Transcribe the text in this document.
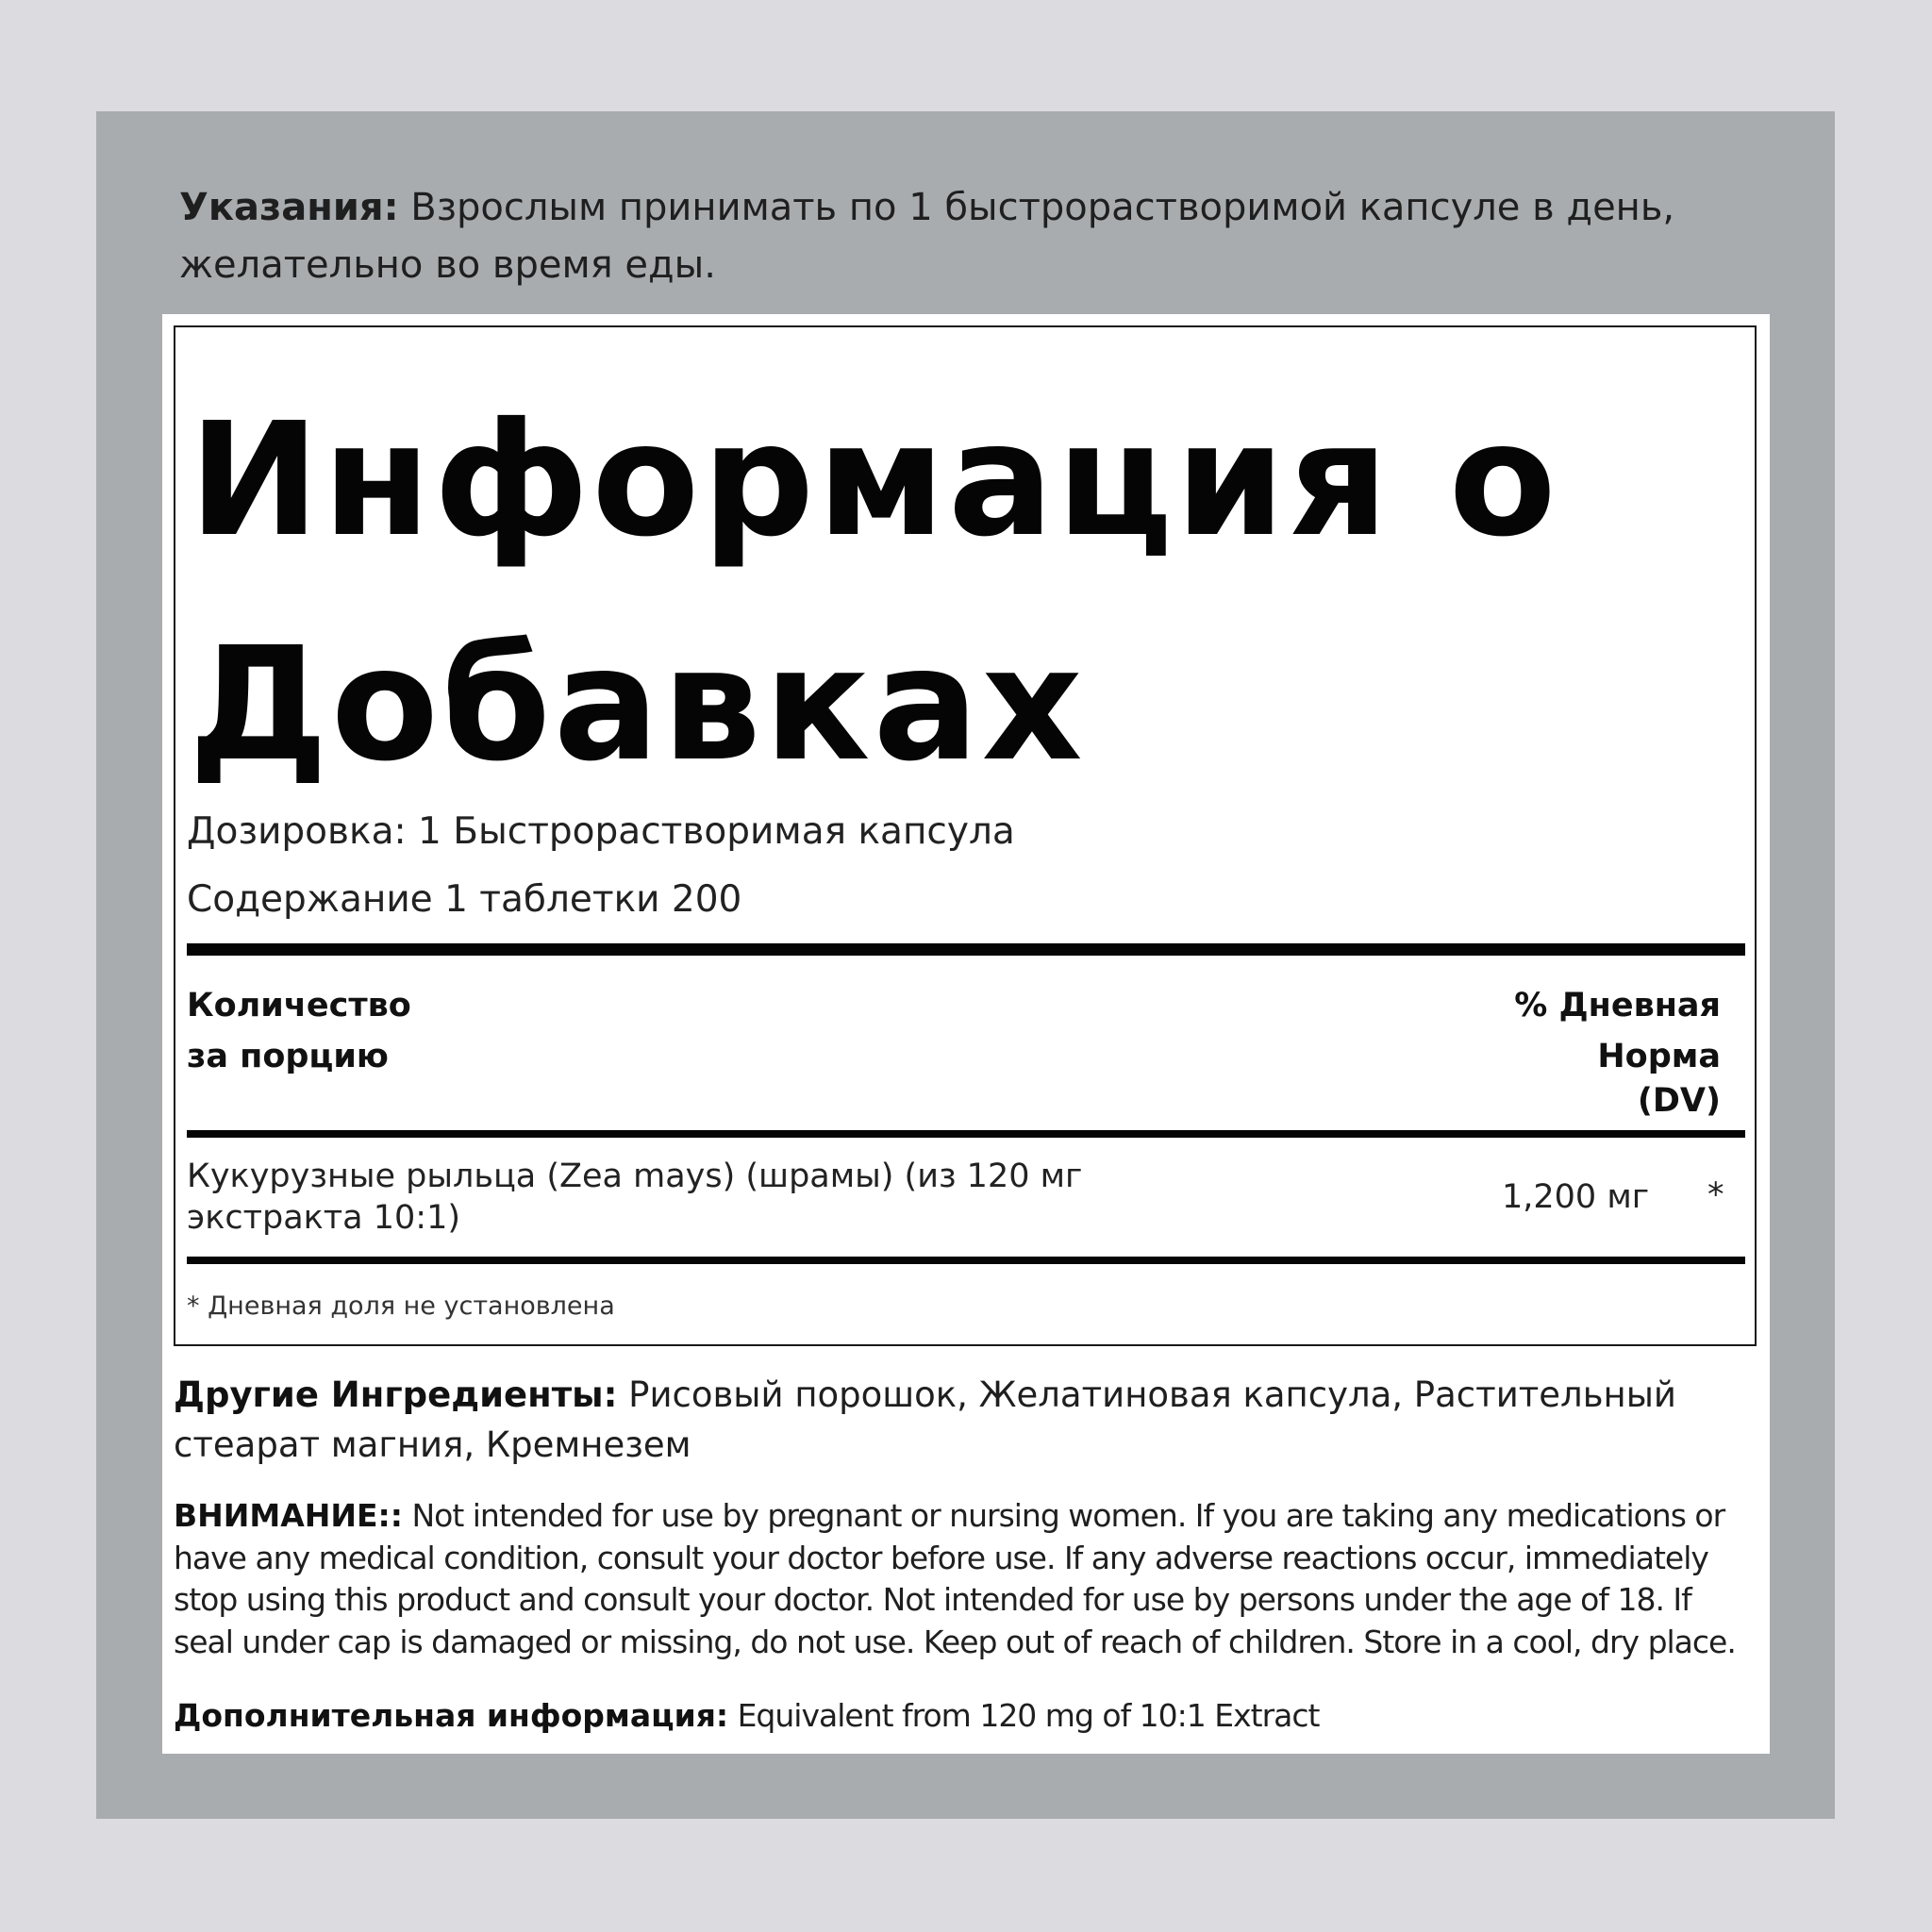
Указания: Взрослым принимать по 1 быстрорастворимой капсуле в день, желательно во время еды.
Информация о Добавках
Дозировка: 1 Быстрорастворимая капсула
Содержание 1 таблетки 200
Количество
за порцию
% Дневная
Норма
(DV)
Кукурузные рыльца (Zea mays) (шрамы) (из 120 мг экстракта 10:1)
1,200 мг *
* Дневная доля не установлена
Другие Ингредиенты: Рисовый порошок, Желатиновая капсула, Растительный стеарат магния, Кремнезем
ВНИМАНИЕ:: Not intended for use by pregnant or nursing women. If you are taking any medications or have any medical condition, consult your doctor before use. If any adverse reactions occur, immediately stop using this product and consult your doctor. Not intended for use by persons under the age of 18. If seal under cap is damaged or missing, do not use. Keep out of reach of children. Store in a cool, dry place.
Дополнительная информация: Equivalent from 120 mg of 10:1 Extract
